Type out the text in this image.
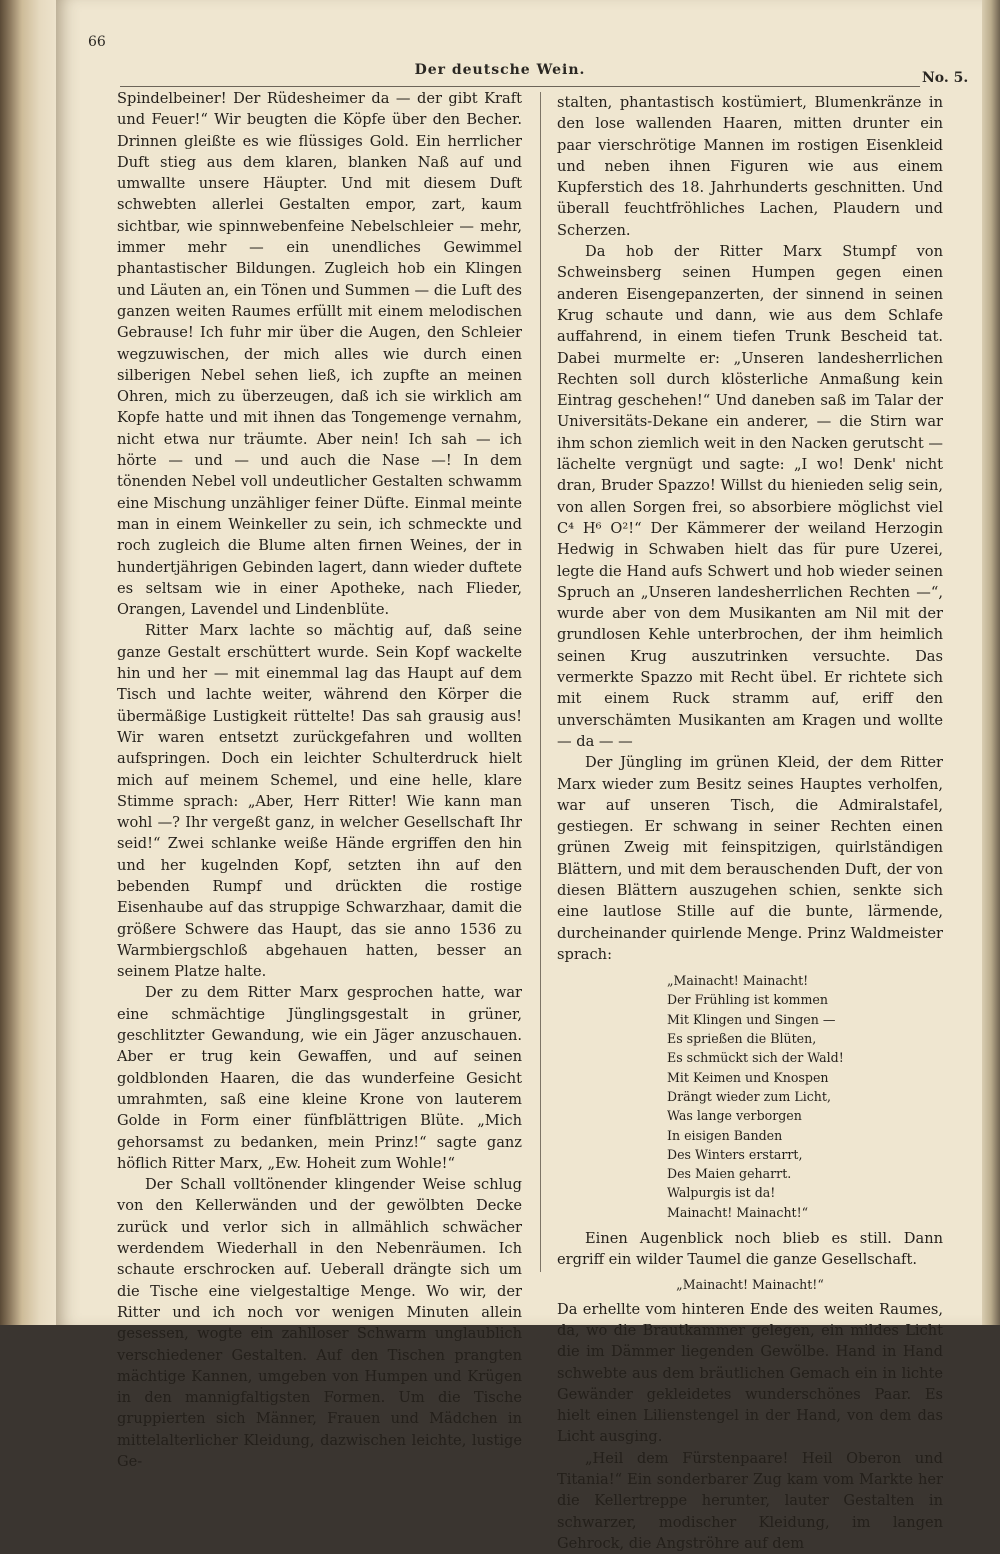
66
Der deutsche Wein.	No. 5.

Spindelbeiner! Der Rüdesheimer da — der gibt Kraft und Feuer!“ Wir beugten die Köpfe über den Becher. Drinnen gleißte es wie flüssiges Gold. Ein herrlicher Duft stieg aus dem klaren, blanken Naß auf und umwallte unsere Häupter. Und mit diesem Duft schwebten allerlei Gestalten empor, zart, kaum sichtbar, wie spinnwebenfeine Nebelschleier — mehr, immer mehr — ein unendliches Gewimmel phantastischer Bildungen. Zugleich hob ein Klingen und Läuten an, ein Tönen und Summen — die Luft des ganzen weiten Raumes erfüllt mit einem melodischen Gebrause! Ich fuhr mir über die Augen, den Schleier wegzuwischen, der mich alles wie durch einen silberigen Nebel sehen ließ, ich zupfte an meinen Ohren, mich zu überzeugen, daß ich sie wirklich am Kopfe hatte und mit ihnen das Tongemenge vernahm, nicht etwa nur träumte. Aber nein! Ich sah — ich hörte — und — und auch die Nase —! In dem tönenden Nebel voll undeutlicher Gestalten schwamm eine Mischung unzähliger feiner Düfte. Einmal meinte man in einem Weinkeller zu sein, ich schmeckte und roch zugleich die Blume alten firnen Weines, der in hundertjährigen Gebinden lagert, dann wieder duftete es seltsam wie in einer Apotheke, nach Flieder, Orangen, Lavendel und Lindenblüte.

Ritter Marx lachte so mächtig auf, daß seine ganze Gestalt erschüttert wurde. Sein Kopf wackelte hin und her — mit einemmal lag das Haupt auf dem Tisch und lachte weiter, während den Körper die übermäßige Lustigkeit rüttelte! Das sah grausig aus! Wir waren entsetzt zurückgefahren und wollten aufspringen. Doch ein leichter Schulterdruck hielt mich auf meinem Schemel, und eine helle, klare Stimme sprach: „Aber, Herr Ritter! Wie kann man wohl —? Ihr vergeßt ganz, in welcher Gesellschaft Ihr seid!“ Zwei schlanke weiße Hände ergriffen den hin und her kugelnden Kopf, setzten ihn auf den bebenden Rumpf und drückten die rostige Eisenhaube auf das struppige Schwarzhaar, damit die größere Schwere das Haupt, das sie anno 1536 zu Warmbiergschloß abgehauen hatten, besser an seinem Platze halte.

Der zu dem Ritter Marx gesprochen hatte, war eine schmächtige Jünglingsgestalt in grüner, geschlitzter Gewandung, wie ein Jäger anzuschauen. Aber er trug kein Gewaffen, und auf seinen goldblonden Haaren, die das wunderfeine Gesicht umrahmten, saß eine kleine Krone von lauterem Golde in Form einer fünfblättrigen Blüte. „Mich gehorsamst zu bedanken, mein Prinz!“ sagte ganz höflich Ritter Marx, „Ew. Hoheit zum Wohle!“

Der Schall volltönender klingender Weise schlug von den Kellerwänden und der gewölbten Decke zurück und verlor sich in allmählich schwächer werdendem Wiederhall in den Nebenräumen. Ich schaute erschrocken auf. Ueberall drängte sich um die Tische eine vielgestaltige Menge. Wo wir, der Ritter und ich noch vor wenigen Minuten allein gesessen, wogte ein zahlloser Schwarm unglaublich verschiedener Gestalten. Auf den Tischen prangten mächtige Kannen, umgeben von Humpen und Krügen in den mannigfaltigsten Formen. Um die Tische gruppierten sich Männer, Frauen und Mädchen in mittelalterlicher Kleidung, dazwischen leichte, lustige Ge-

stalten, phantastisch kostümiert, Blumenkränze in den lose wallenden Haaren, mitten drunter ein paar vierschrötige Mannen im rostigen Eisenkleid und neben ihnen Figuren wie aus einem Kupferstich des 18. Jahrhunderts geschnitten. Und überall feuchtfröhliches Lachen, Plaudern und Scherzen.

Da hob der Ritter Marx Stumpf von Schweinsberg seinen Humpen gegen einen anderen Eisengepanzerten, der sinnend in seinen Krug schaute und dann, wie aus dem Schlafe auffahrend, in einem tiefen Trunk Bescheid tat. Dabei murmelte er: „Unseren landesherrlichen Rechten soll durch klösterliche Anmaßung kein Eintrag geschehen!“ Und daneben saß im Talar der Universitäts-Dekane ein anderer, — die Stirn war ihm schon ziemlich weit in den Nacken gerutscht — lächelte vergnügt und sagte: „I wo! Denk' nicht dran, Bruder Spazzo! Willst du hienieden selig sein, von allen Sorgen frei, so absorbiere möglichst viel C⁴ H⁶ O²!“ Der Kämmerer der weiland Herzogin Hedwig in Schwaben hielt das für pure Uzerei, legte die Hand aufs Schwert und hob wieder seinen Spruch an „Unseren landesherrlichen Rechten —“, wurde aber von dem Musikanten am Nil mit der grundlosen Kehle unterbrochen, der ihm heimlich seinen Krug auszutrinken versuchte. Das vermerkte Spazzo mit Recht übel. Er richtete sich mit einem Ruck stramm auf, eriff den unverschämten Musikanten am Kragen und wollte — da — —

Der Jüngling im grünen Kleid, der dem Ritter Marx wieder zum Besitz seines Hauptes verholfen, war auf unseren Tisch, die Admiralstafel, gestiegen. Er schwang in seiner Rechten einen grünen Zweig mit feinspitzigen, quirlständigen Blättern, und mit dem berauschenden Duft, der von diesen Blättern auszugehen schien, senkte sich eine lautlose Stille auf die bunte, lärmende, durcheinander quirlende Menge. Prinz Waldmeister sprach:

„Mainacht! Mainacht!
Der Frühling ist kommen
Mit Klingen und Singen —
Es sprießen die Blüten,
Es schmückt sich der Wald!
Mit Keimen und Knospen
Drängt wieder zum Licht,
Was lange verborgen
In eisigen Banden
Des Winters erstarrt,
Des Maien geharrt.
Walpurgis ist da!
Mainacht! Mainacht!“

Einen Augenblick noch blieb es still. Dann ergriff ein wilder Taumel die ganze Gesellschaft.

„Mainacht! Mainacht!“

Da erhellte vom hinteren Ende des weiten Raumes, da, wo die Brautkammer gelegen, ein mildes Licht die im Dämmer liegenden Gewölbe. Hand in Hand schwebte aus dem bräutlichen Gemach ein in lichte Gewänder gekleidetes wunderschönes Paar. Es hielt einen Lilienstengel in der Hand, von dem das Licht ausging.

„Heil dem Fürstenpaare! Heil Oberon und Titania!“ Ein sonderbarer Zug kam vom Markte her die Kellertreppe herunter, lauter Gestalten in schwarzer, modischer Kleidung, im langen Gehrock, die Angströhre auf dem
